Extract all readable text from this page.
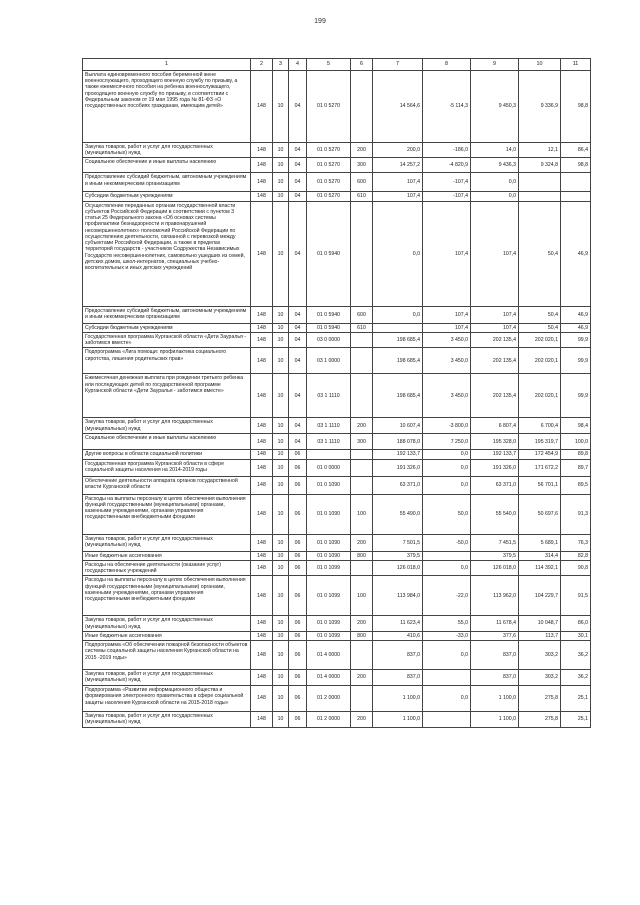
199
1	2	3	4	5	6	7	8	9	10	11
Выплата единовременного пособия беременной жене военнослужащего, проходящего военную службу по призыву, а также ежемесячного пособия на ребенка военнослужащего, проходящего военную службу по призыву, в соответствии с Федеральным законом от 19 мая 1995 года № 81-ФЗ «О государственных пособиях гражданам, имеющим детей»	148	10	04	01 0 5270		14 564,6	-5 114,3	9 450,3	9 336,9	98,8
Закупка товаров, работ и услуг для государственных (муниципальных) нужд	148	10	04	01 0 5270	200	200,0	-186,0	14,0	12,1	86,4
Социальное обеспечение и иные выплаты населению	148	10	04	01 0 5270	300	14 257,2	-4 820,9	9 436,3	9 324,8	98,8
Предоставление субсидий бюджетным, автономным учреждениям и иным некоммерческим организациям	148	10	04	01 0 5270	600	107,4	-107,4	0,0		
Субсидии бюджетным учреждениям	148	10	04	01 0 5270	610	107,4	-107,4	0,0		
Осуществление переданных органам государственной власти субъектов Российской Федерации в соответствии с пунктом 3 статьи 25 Федерального закона «Об основах системы профилактики безнадзорности и правонарушений несовершеннолетних» полномочий Российской Федерации по осуществлению деятельности, связанной с перевозкой между субъектами Российской Федерации, а также в пределах территорий государств - участников Содружества Независимых Государств несовершеннолетних, самовольно ушедших из семей, детских домов, школ-интернатов, специальных учебно-воспитательных и иных детских учреждений	148	10	04	01 0 5940		0,0	107,4	107,4	50,4	46,9
Предоставление субсидий бюджетным, автономным учреждениям и иным некоммерческим организациям	148	10	04	01 0 5940	600	0,0	107,4	107,4	50,4	46,9
Субсидии бюджетным учреждениям	148	10	04	01 0 5940	610		107,4	107,4	50,4	46,9
Государственная программа Курганской области «Дети Зауралья - заботимся вместе»	148	10	04	03 0 0000		198 685,4	3 450,0	202 135,4	202 020,1	99,9
Подпрограмма «Лига помощи: профилактика социального сиротства, лишения родительских прав»	148	10	04	03 1 0000		198 685,4	3 450,0	202 135,4	202 020,1	99,9
Ежемесячная денежная выплата при рождении третьего ребенка или последующих детей по государственной программе Курганской области «Дети Зауралья - заботимся вместе»	148	10	04	03 1 1110		198 685,4	3 450,0	202 135,4	202 020,1	99,9
Закупка товаров, работ и услуг для государственных (муниципальных) нужд	148	10	04	03 1 1110	200	10 607,4	-3 800,0	6 807,4	6 700,4	98,4
Социальное обеспечение и иные выплаты населению	148	10	04	03 1 1110	300	188 078,0	7 250,0	195 328,0	195 319,7	100,0
Другие вопросы в области социальной политики	148	10	06			192 133,7	0,0	192 133,7	172 454,9	89,8
Государственная программа Курганской области в сфере социальной защиты населения на 2014-2019 годы	148	10	06	01 0 0000		191 326,0	0,0	191 326,0	171 672,2	89,7
Обеспечение деятельности аппарата органов государственной власти Курганской области	148	10	06	01 0 1090		63 371,0	0,0	63 371,0	56 701,1	89,5
Расходы на выплаты персоналу в целях обеспечения выполнения функций государственными (муниципальными) органами, казенными учреждениями, органами управления государственными внебюджетными фондами	148	10	06	01 0 1090	100	55 490,0	50,0	55 540,0	50 697,6	91,3
Закупка товаров, работ и услуг для государственных (муниципальных) нужд	148	10	06	01 0 1090	200	7 501,5	-50,0	7 451,5	5 689,1	76,3
Иные бюджетные ассигнования	148	10	06	01 0 1090	800	379,5		379,5	314,4	82,8
Расходы на обеспечение деятельности (оказание услуг) государственных учреждений	148	10	06	01 0 1099		126 018,0	0,0	126 018,0	114 392,1	90,8
Расходы на выплаты персоналу в целях обеспечения выполнения функций государственными (муниципальными) органами, казенными учреждениями, органами управления государственными внебюджетными фондами	148	10	06	01 0 1099	100	113 984,0	-22,0	113 962,0	104 229,7	91,5
Закупка товаров, работ и услуг для государственных (муниципальных) нужд	148	10	06	01 0 1099	200	11 623,4	55,0	11 678,4	10 048,7	86,0
Иные бюджетные ассигнования	148	10	06	01 0 1099	800	410,6	-33,0	377,6	113,7	30,1
Подпрограмма «Об обеспечении пожарной безопасности объектов системы социальной защиты населения Курганской области на 2015 -2019 годы»	148	10	06	01 4 0000		837,0	0,0	837,0	303,2	36,2
Закупка товаров, работ и услуг для государственных (муниципальных) нужд	148	10	06	01 4 0000	200	837,0		837,0	303,2	36,2
Подпрограмма «Развитие информационного общества и формирования электронного правительства в сфере социальной защиты населения Курганской области на 2015-2018 годы»	148	10	06	01 2 0000		1 100,0	0,0	1 100,0	275,8	25,1
Закупка товаров, работ и услуг для государственных (муниципальных) нужд	148	10	06	01 2 0000	200	1 100,0		1 100,0	275,8	25,1
